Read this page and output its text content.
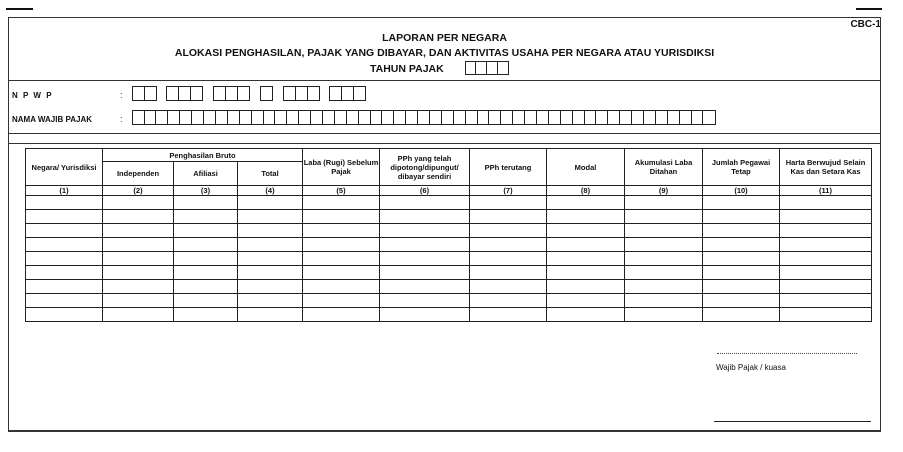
CBC-1
LAPORAN PER NEGARA
ALOKASI PENGHASILAN, PAJAK YANG DIBAYAR, DAN AKTIVITAS USAHA PER NEGARA ATAU YURISDIKSI
TAHUN PAJAK
N P W P	:
NAMA WAJIB PAJAK	:
Negara/ Yurisdiksi	Penghasilan Bruto			Laba (Rugi) Sebelum Pajak	PPh yang telah dipotong/dipungut/ dibayar sendiri	PPh terutang	Modal	Akumulasi Laba Ditahan	Jumlah Pegawai Tetap	Harta Berwujud Selain Kas dan Setara Kas
	Independen	Afiliasi	Total							
(1)	(2)	(3)	(4)	(5)	(6)	(7)	(8)	(9)	(10)	(11)

Wajib Pajak / kuasa
